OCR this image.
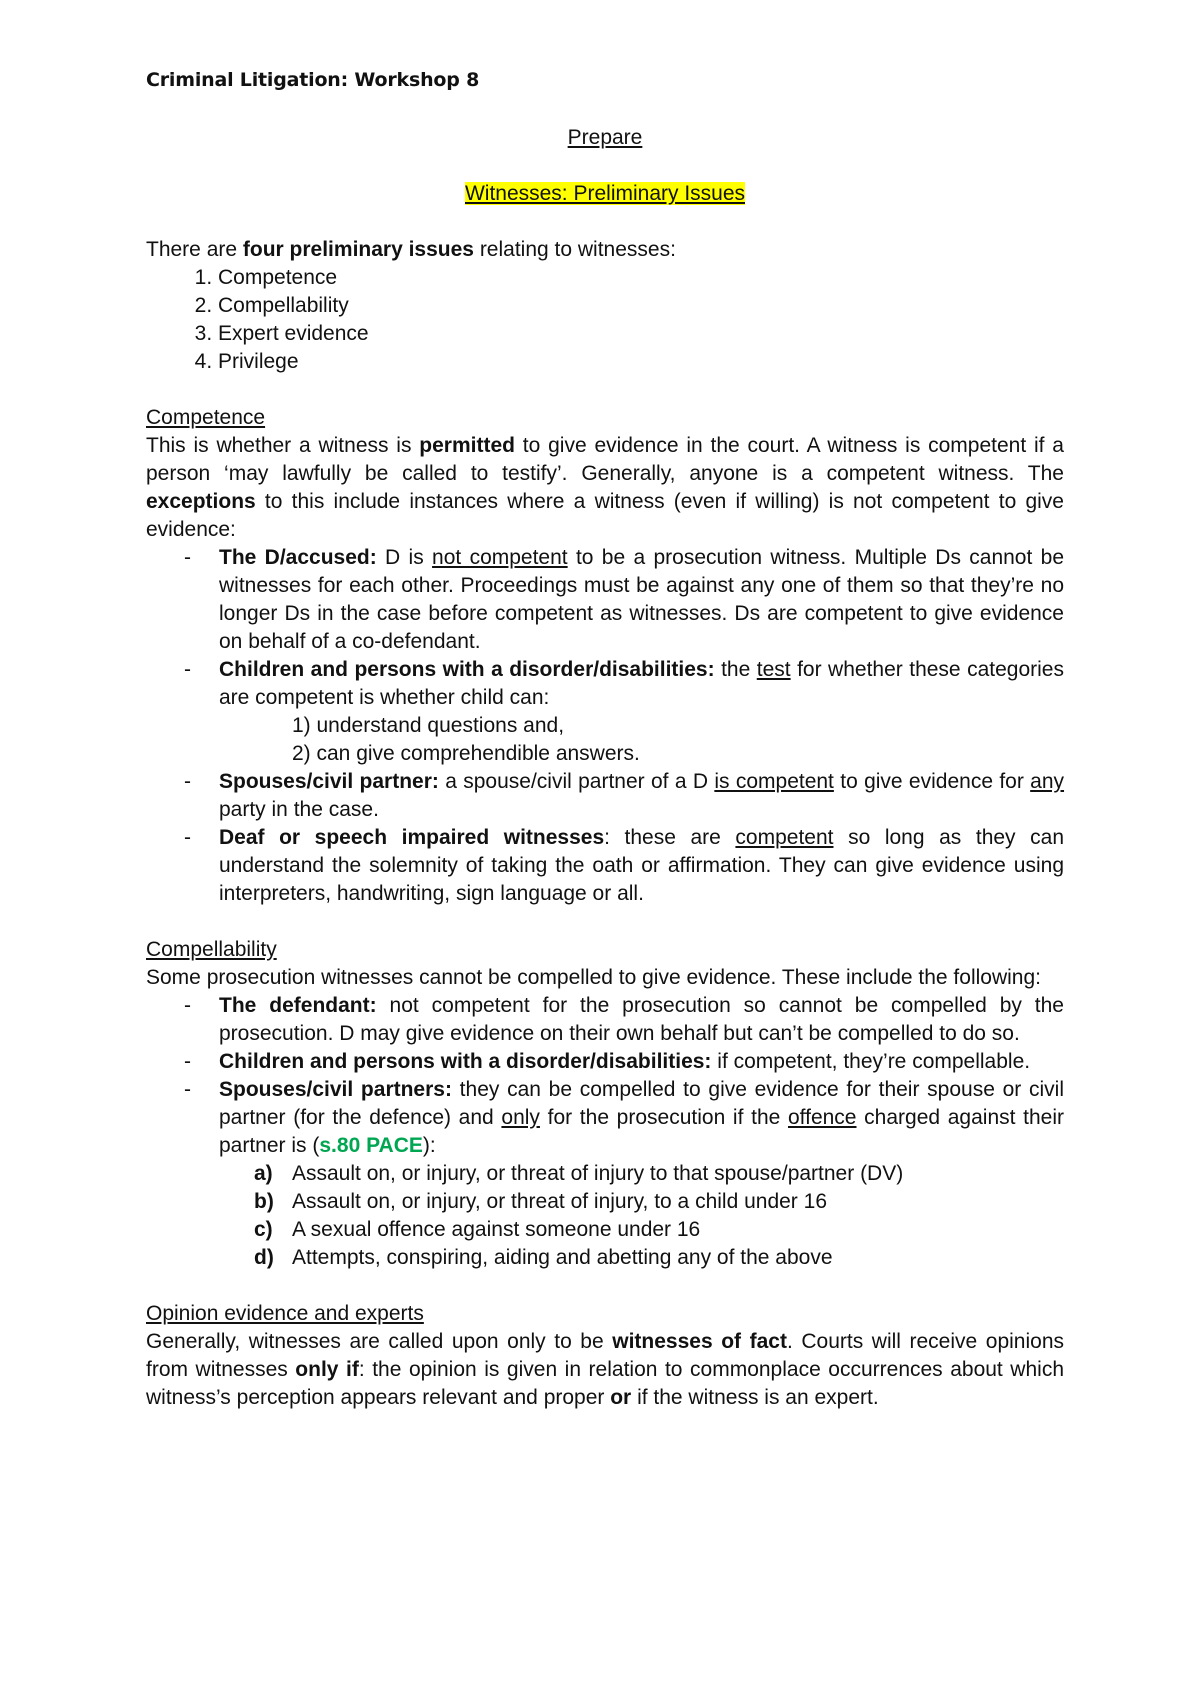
Criminal Litigation: Workshop 8

Prepare

Witnesses: Preliminary Issues

There are four preliminary issues relating to witnesses:

1. Competence
2. Compellability
3. Expert evidence
4. Privilege

Competence

This is whether a witness is permitted to give evidence in the court. A witness is competent if a person ‘may lawfully be called to testify’. Generally, anyone is a competent witness. The exceptions to this include instances where a witness (even if willing) is not competent to give evidence:

- The D/accused: D is not competent to be a prosecution witness. Multiple Ds cannot be witnesses for each other. Proceedings must be against any one of them so that they’re no longer Ds in the case before competent as witnesses. Ds are competent to give evidence on behalf of a co-defendant.
- Children and persons with a disorder/disabilities: the test for whether these categories are competent is whether child can:
1) understand questions and,
2) can give comprehendible answers.
- Spouses/civil partner: a spouse/civil partner of a D is competent to give evidence for any party in the case.
- Deaf or speech impaired witnesses: these are competent so long as they can understand the solemnity of taking the oath or affirmation. They can give evidence using interpreters, handwriting, sign language or all.

Compellability

Some prosecution witnesses cannot be compelled to give evidence. These include the following:

- The defendant: not competent for the prosecution so cannot be compelled by the prosecution. D may give evidence on their own behalf but can’t be compelled to do so.
- Children and persons with a disorder/disabilities: if competent, they’re compellable.
- Spouses/civil partners: they can be compelled to give evidence for their spouse or civil partner (for the defence) and only for the prosecution if the offence charged against their partner is (s.80 PACE):
a) Assault on, or injury, or threat of injury to that spouse/partner (DV)
b) Assault on, or injury, or threat of injury, to a child under 16
c) A sexual offence against someone under 16
d) Attempts, conspiring, aiding and abetting any of the above

Opinion evidence and experts

Generally, witnesses are called upon only to be witnesses of fact. Courts will receive opinions from witnesses only if: the opinion is given in relation to commonplace occurrences about which witness’s perception appears relevant and proper or if the witness is an expert.
